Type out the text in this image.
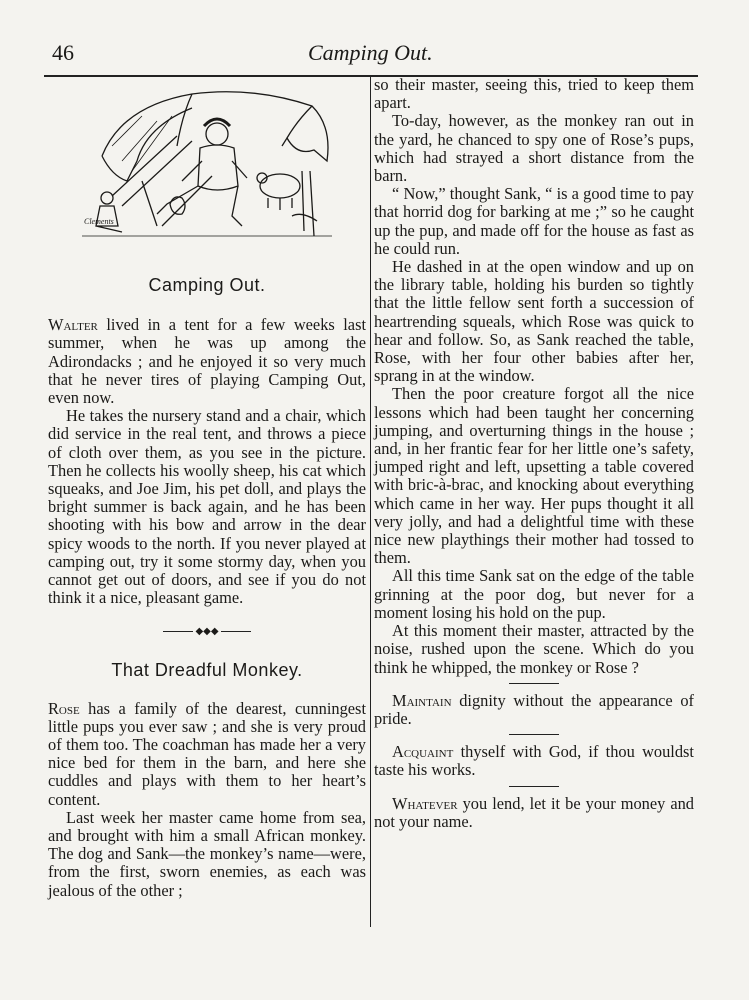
46	Camping Out.
Clements
Camping Out.

Walter lived in a tent for a few weeks last summer, when he was up among the Adirondacks ; and he enjoyed it so very much that he never tires of playing Camping Out, even now.

He takes the nursery stand and a chair, which did service in the real tent, and throws a piece of cloth over them, as you see in the picture. Then he collects his woolly sheep, his cat which squeaks, and Joe Jim, his pet doll, and plays the bright summer is back again, and he has been shooting with his bow and arrow in the dear spicy woods to the north. If you never played at camping out, try it some stormy day, when you cannot get out of doors, and see if you do not think it a nice, pleasant game.

◆◆◆
That Dreadful Monkey.

Rose has a family of the dearest, cunningest little pups you ever saw ; and she is very proud of them too. The coachman has made her a very nice bed for them in the barn, and here she cuddles and plays with them to her heart’s content.

Last week her master came home from sea, and brought with him a small African monkey. The dog and Sank—the monkey’s name—were, from the first, sworn enemies, as each was jealous of the other ;

so their master, seeing this, tried to keep them apart.

To-day, however, as the monkey ran out in the yard, he chanced to spy one of Rose’s pups, which had strayed a short distance from the barn.

“ Now,” thought Sank, “ is a good time to pay that horrid dog for barking at me ;” so he caught up the pup, and made off for the house as fast as he could run.

He dashed in at the open window and up on the library table, holding his burden so tightly that the little fellow sent forth a succession of heartrending squeals, which Rose was quick to hear and follow. So, as Sank reached the table, Rose, with her four other babies after her, sprang in at the window.

Then the poor creature forgot all the nice lessons which had been taught her concerning jumping, and overturning things in the house ; and, in her frantic fear for her little one’s safety, jumped right and left, upsetting a table covered with bric-à-brac, and knocking about everything which came in her way. Her pups thought it all very jolly, and had a delightful time with these nice new playthings their mother had tossed to them.

All this time Sank sat on the edge of the table grinning at the poor dog, but never for a moment losing his hold on the pup.

At this moment their master, attracted by the noise, rushed upon the scene. Which do you think he whipped, the monkey or Rose ?

Maintain dignity without the appearance of pride.

Acquaint thyself with God, if thou wouldst taste his works.

Whatever you lend, let it be your money and not your name.
